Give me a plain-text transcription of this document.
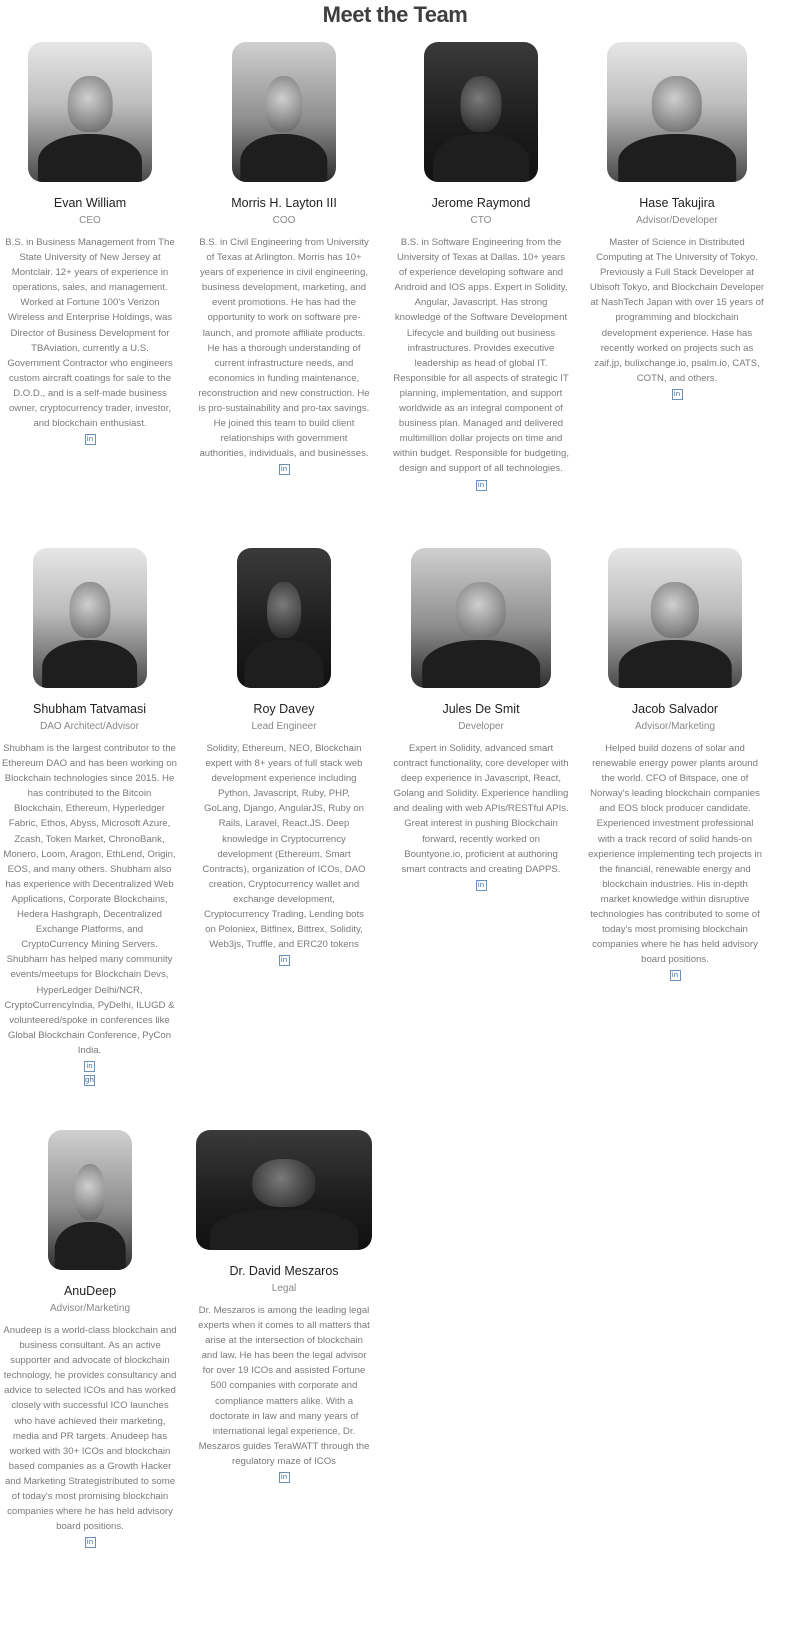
Meet the Team
Evan William
CEO
B.S. in Business Management from The State University of New Jersey at Montclair. 12+ years of experience in operations, sales, and management. Worked at Fortune 100's Verizon Wireless and Enterprise Holdings, was Director of Business Development for TBAviation, currently a U.S. Government Contractor who engineers custom aircraft coatings for sale to the D.O.D., and is a self-made business owner, cryptocurrency trader, investor, and blockchain enthusiast.
in
Morris H. Layton III
COO
B.S. in Civil Engineering from University of Texas at Arlington. Morris has 10+ years of experience in civil engineering, business development, marketing, and event promotions. He has had the opportunity to work on software pre-launch, and promote affiliate products. He has a thorough understanding of current infrastructure needs, and economics in funding maintenance, reconstruction and new construction. He is pro-sustainability and pro-tax savings. He joined this team to build client relationships with government authorities, individuals, and businesses.
in
Jerome Raymond
CTO
B.S. in Software Engineering from the University of Texas at Dallas. 10+ years of experience developing software and Android and IOS apps. Expert in Solidity, Angular, Javascript. Has strong knowledge of the Software Development Lifecycle and building out business infrastructures. Provides executive leadership as head of global IT. Responsible for all aspects of strategic IT planning, implementation, and support worldwide as an integral component of business plan. Managed and delivered multimillion dollar projects on time and within budget. Responsible for budgeting, design and support of all technologies.
in
Hase Takujira
Advisor/Developer
Master of Science in Distributed Computing at The University of Tokyo. Previously a Full Stack Developer at Ubisoft Tokyo, and Blockchain Developer at NashTech Japan with over 15 years of programming and blockchain development experience. Hase has recently worked on projects such as zaif.jp, bulixchange.io, psalm.io, CATS, COTN, and others.
in
Shubham Tatvamasi
DAO Architect/Advisor
Shubham is the largest contributor to the Ethereum DAO and has been working on Blockchain technologies since 2015. He has contributed to the Bitcoin Blockchain, Ethereum, Hyperledger Fabric, Ethos, Abyss, Microsoft Azure, Zcash, Token Market, ChronoBank, Monero, Loom, Aragon, EthLend, Origin, EOS, and many others. Shubham also has experience with Decentralized Web Applications, Corporate Blockchains, Hedera Hashgraph, Decentralized Exchange Platforms, and CryptoCurrency Mining Servers. Shubham has helped many community events/meetups for Blockchain Devs, HyperLedger Delhi/NCR, CryptoCurrencyIndia, PyDelhi, ILUGD & volunteered/spoke in conferences like Global Blockchain Conference, PyCon India.
in
gh
Roy Davey
Lead Engineer
Solidity, Ethereum, NEO, Blockchain expert with 8+ years of full stack web development experience including Python, Javascript, Ruby, PHP, GoLang, Django, AngularJS, Ruby on Rails, Laravel, React.JS. Deep knowledge in Cryptocurrency development (Ethereum, Smart Contracts), organization of ICOs, DAO creation, Cryptocurrency wallet and exchange development, Cryptocurrency Trading, Lending bots on Poloniex, Bitfinex, Bittrex, Solidity, Web3js, Truffle, and ERC20 tokens
in
Jules De Smit
Developer
Expert in Solidity, advanced smart contract functionality, core developer with deep experience in Javascript, React, Golang and Solidity. Experience handling and dealing with web APIs/RESTful APIs. Great interest in pushing Blockchain forward, recently worked on Bountyone.io, proficient at authoring smart contracts and creating DAPPS.
in
Jacob Salvador
Advisor/Marketing
Helped build dozens of solar and renewable energy power plants around the world. CFO of Bitspace, one of Norway's leading blockchain companies and EOS block producer candidate. Experienced investment professional with a track record of solid hands-on experience implementing tech projects in the financial, renewable energy and blockchain industries. His in-depth market knowledge within disruptive technologies has contributed to some of today's most promising blockchain companies where he has held advisory board positions.
in
AnuDeep
Advisor/Marketing
Anudeep is a world-class blockchain and business consultant. As an active supporter and advocate of blockchain technology, he provides consultancy and advice to selected ICOs and has worked closely with successful ICO launches who have achieved their marketing, media and PR targets. Anudeep has worked with 30+ ICOs and blockchain based companies as a Growth Hacker and Marketing Strategistributed to some of today's most promising blockchain companies where he has held advisory board positions.
in
Dr. David Meszaros
Legal
Dr. Meszaros is among the leading legal experts when it comes to all matters that arise at the intersection of blockchain and law. He has been the legal advisor for over 19 ICOs and assisted Fortune 500 companies with corporate and compliance matters alike. With a doctorate in law and many years of international legal experience, Dr. Meszaros guides TeraWATT through the regulatory maze of ICOs
in
